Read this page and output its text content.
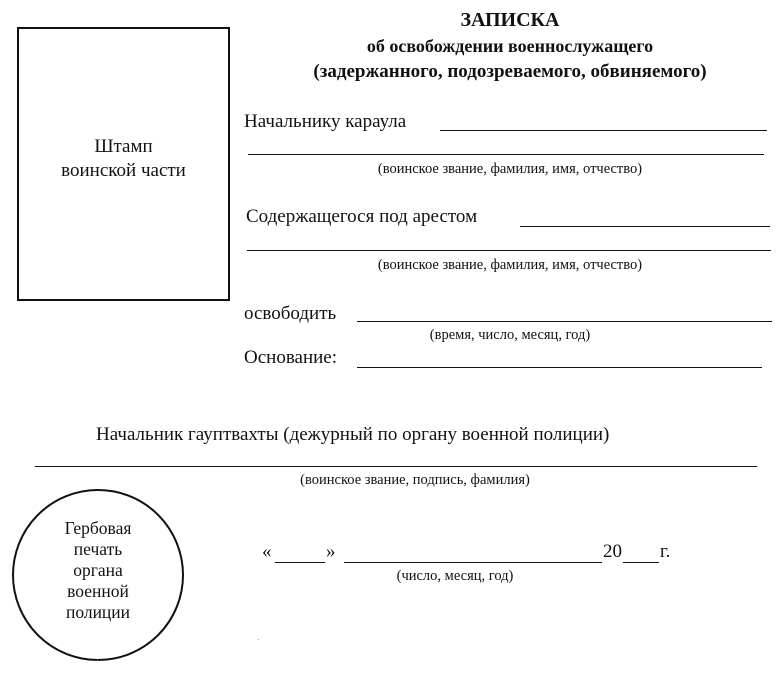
Штамп
воинской части
ЗАПИСКА
об освобождении военнослужащего
(задержанного, подозреваемого, обвиняемого)
Начальнику караула
(воинское звание, фамилия, имя, отчество)
Содержащегося под арестом
(воинское звание, фамилия, имя, отчество)
освободить
(время, число, месяц, год)
Основание:
Начальник гауптвахты (дежурный по органу военной полиции)
(воинское звание, подпись, фамилия)
Гербовая
печать
органа
военной
полиции
«	»	20 г.
(число, месяц, год)
